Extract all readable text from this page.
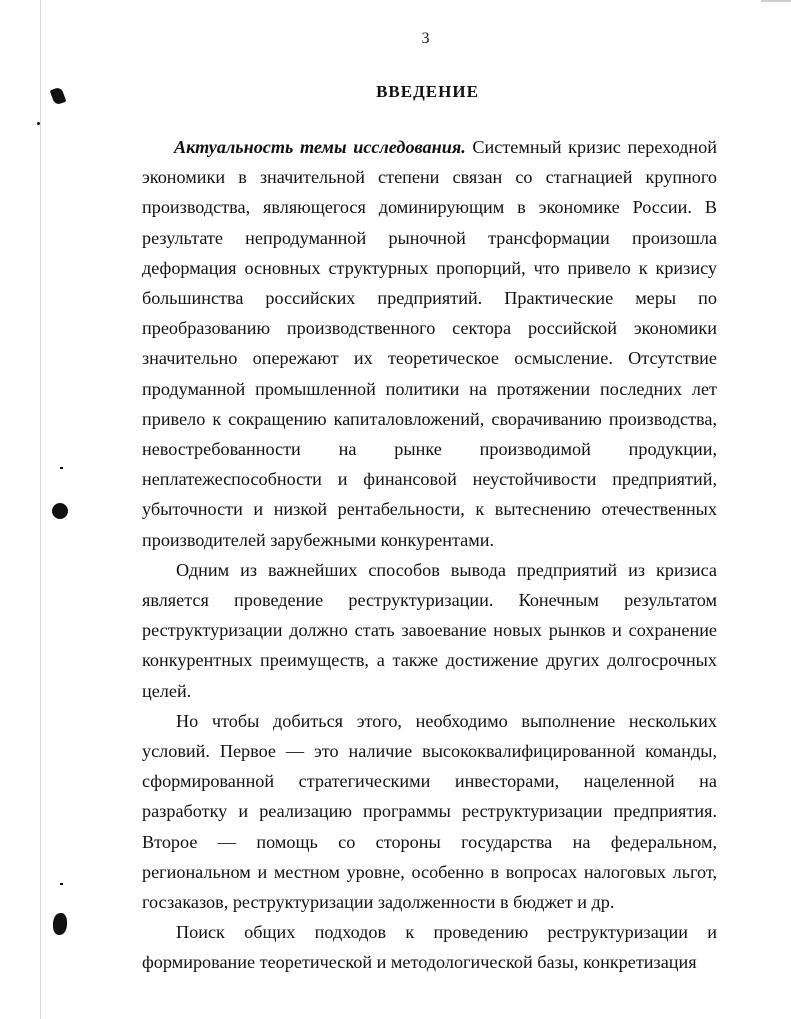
3
ВВЕДЕНИЕ

Актуальность темы исследования. Системный кризис переходной экономики в значительной степени связан со стагнацией крупного производства, являющегося доминирующим в экономике России. В результате непродуманной рыночной трансформации произошла деформация основных структурных пропорций, что привело к кризису большинства российских предприятий. Практические меры по преобразованию производственного сектора российской экономики значительно опережают их теоретическое осмысление. Отсутствие продуманной промышленной политики на протяжении последних лет привело к сокращению капиталовложений, сворачиванию производства, невостребованности на рынке производимой продукции, неплатежеспособности и финансовой неустойчивости предприятий, убыточности и низкой рентабельности, к вытеснению отечественных производителей зарубежными конкурентами.

Одним из важнейших способов вывода предприятий из кризиса является проведение реструктуризации. Конечным результатом реструктуризации должно стать завоевание новых рынков и сохранение конкурентных преимуществ, а также достижение других долгосрочных целей.

Но чтобы добиться этого, необходимо выполнение нескольких условий. Первое — это наличие высококвалифицированной команды, сформированной стратегическими инвесторами, нацеленной на разработку и реализацию программы реструктуризации предприятия. Второе — помощь со стороны государства на федеральном, региональном и местном уровне, особенно в вопросах налоговых льгот, госзаказов, реструктуризации задолженности в бюджет и др.

Поиск общих подходов к проведению реструктуризации и формирование теоретической и методологической базы, конкретизация
